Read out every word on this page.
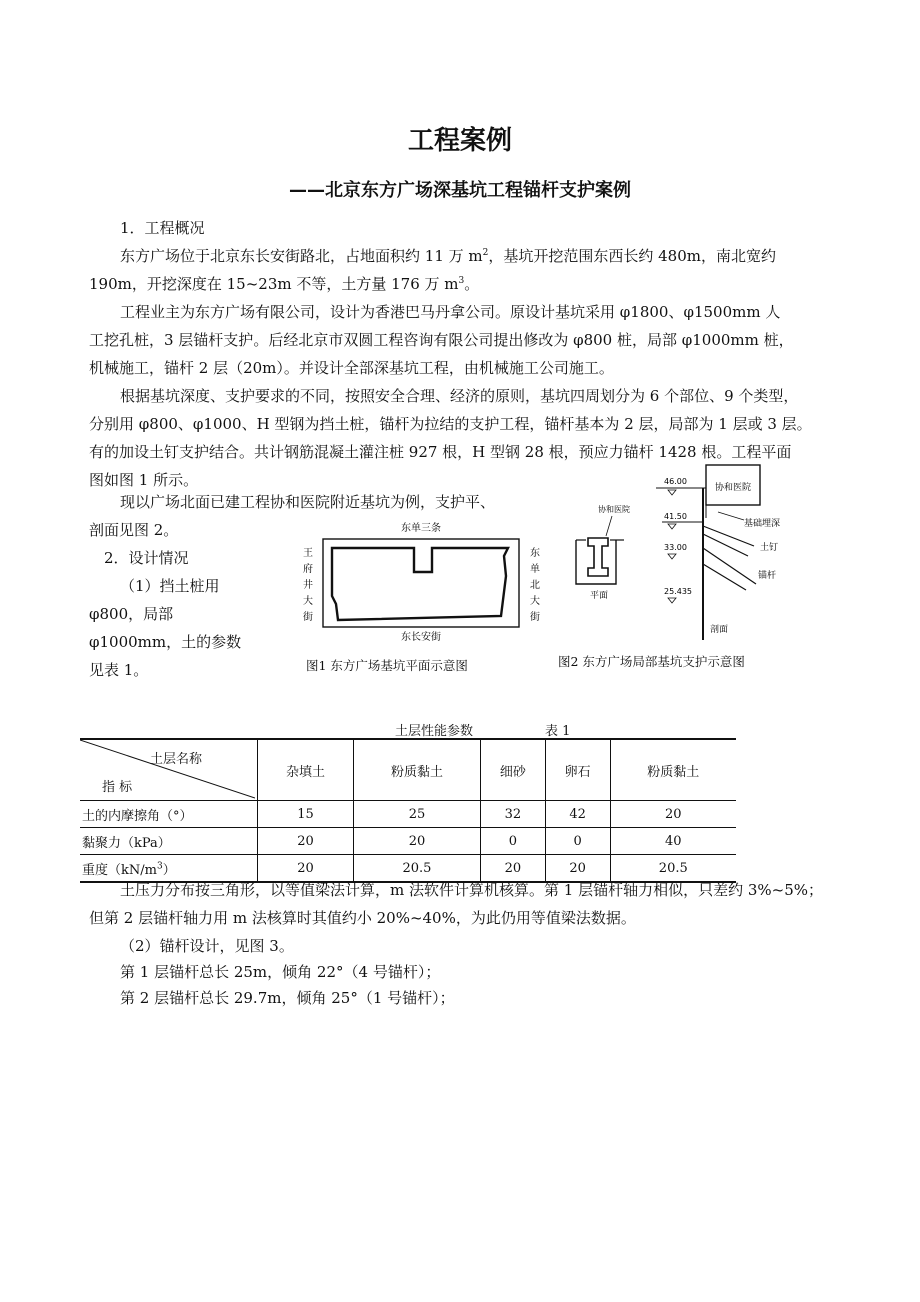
工程案例
——北京东方广场深基坑工程锚杆支护案例
1．工程概况
东方广场位于北京东长安街路北，占地面积约 11 万 $m^2$，基坑开挖范围东西长约 480m，南北宽约
190m，开挖深度在 15~23m 不等，土方量 176 万 $m^3$。
工程业主为东方广场有限公司，设计为香港巴马丹拿公司。原设计基坑采用 φ1800、φ1500mm 人
工挖孔桩，3 层锚杆支护。后经北京市双圆工程咨询有限公司提出修改为 φ800 桩，局部 φ1000mm 桩，
机械施工，锚杆 2 层（20m）。并设计全部深基坑工程，由机械施工公司施工。
根据基坑深度、支护要求的不同，按照安全合理、经济的原则，基坑四周划分为 6 个部位、9 个类型，
分别用 φ800、φ1000、H 型钢为挡土桩，锚杆为拉结的支护工程，锚杆基本为 2 层，局部为 1 层或 3 层。
有的加设土钉支护结合。共计钢筋混凝土灌注桩 927 根，H 型钢 28 根，预应力锚杆 1428 根。工程平面
图如图 1 所示。
现以广场北面已建工程协和医院附近基坑为例，支护平、
剖面见图 2。
2．设计情况
（1）挡土桩用
φ800，局部
φ1000mm，土的参数
见表 1。
东单三条
东长安街
王
府
井
大
街
东
单
北
大
街
图1 东方广场基坑平面示意图
协和医院
46.00
41.50
33.00
25.435
基础埋深
土钉
锚杆
剖面
协和医院
平面
图2 东方广场局部基坑支护示意图
土层性能参数	表 1
土层名称
指 标	杂填土	粉质黏土	细砂	卵石	粉质黏土
土的内摩擦角（°）	15	25	32	42	20
黏聚力（kPa）	20	20	0	0	40
重度$(kN/m^3)$	20	20.5	20	20	20.5
土压力分布按三角形，以等值梁法计算，m 法软件计算机核算。第 1 层锚杆轴力相似，只差约 3%~5%；
但第 2 层锚杆轴力用 m 法核算时其值约小 20%~40%，为此仍用等值梁法数据。
（2）锚杆设计，见图 3。
第 1 层锚杆总长 25m，倾角 22°（4 号锚杆）；
第 2 层锚杆总长 29.7m，倾角 25°（1 号锚杆）；
